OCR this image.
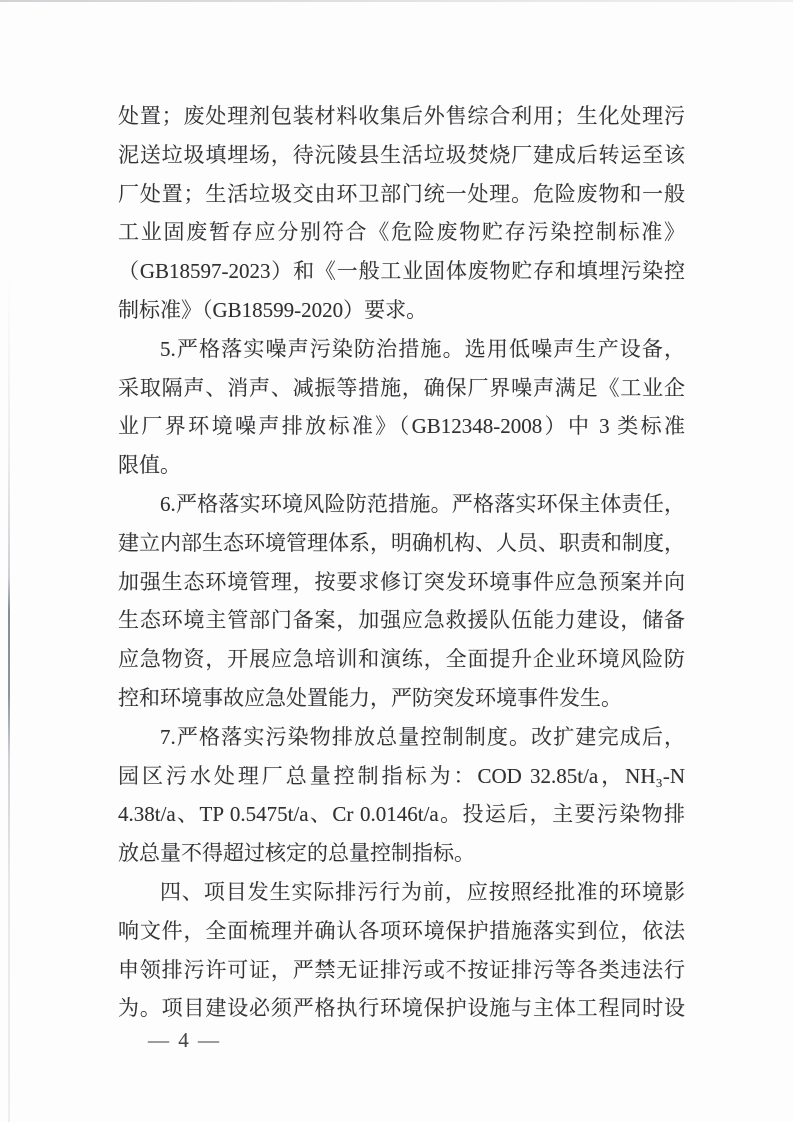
处置；废处理剂包装材料收集后外售综合利用；生化处理污
泥送垃圾填埋场，待沅陵县生活垃圾焚烧厂建成后转运至该
厂处置；生活垃圾交由环卫部门统一处理。危险废物和一般
工业固废暂存应分别符合《危险废物贮存污染控制标准》
（GB18597-2023）和《一般工业固体废物贮存和填埋污染控
制标准》（GB18599-2020）要求。
5.严格落实噪声污染防治措施。选用低噪声生产设备，
采取隔声、消声、减振等措施，确保厂界噪声满足《工业企
业厂界环境噪声排放标准》（GB12348-2008）中 3 类标准
限值。
6.严格落实环境风险防范措施。严格落实环保主体责任，
建立内部生态环境管理体系，明确机构、人员、职责和制度，
加强生态环境管理，按要求修订突发环境事件应急预案并向
生态环境主管部门备案，加强应急救援队伍能力建设，储备
应急物资，开展应急培训和演练，全面提升企业环境风险防
控和环境事故应急处置能力，严防突发环境事件发生。
7.严格落实污染物排放总量控制制度。改扩建完成后，
园区污水处理厂总量控制指标为：COD 32.85t/a，NH₃-N
4.38t/a、TP 0.5475t/a、Cr 0.0146t/a。投运后，主要污染物排
放总量不得超过核定的总量控制指标。
四、项目发生实际排污行为前，应按照经批准的环境影
响文件，全面梳理并确认各项环境保护措施落实到位，依法
申领排污许可证，严禁无证排污或不按证排污等各类违法行
为。项目建设必须严格执行环境保护设施与主体工程同时设
— 4 —
